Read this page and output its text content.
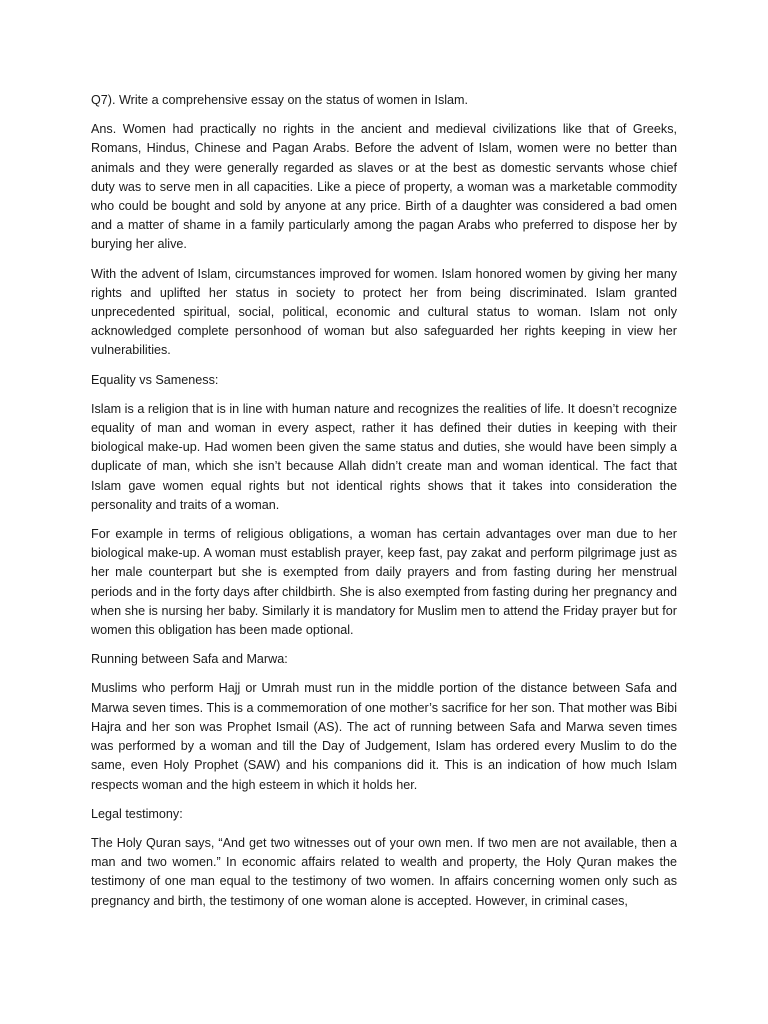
Q7). Write a comprehensive essay on the status of women in Islam.

Ans. Women had practically no rights in the ancient and medieval civilizations like that of Greeks, Romans, Hindus, Chinese and Pagan Arabs. Before the advent of Islam, women were no better than animals and they were generally regarded as slaves or at the best as domestic servants whose chief duty was to serve men in all capacities. Like a piece of property, a woman was a marketable commodity who could be bought and sold by anyone at any price. Birth of a daughter was considered a bad omen and a matter of shame in a family particularly among the pagan Arabs who preferred to dispose her by burying her alive.

With the advent of Islam, circumstances improved for women. Islam honored women by giving her many rights and uplifted her status in society to protect her from being discriminated. Islam granted unprecedented spiritual, social, political, economic and cultural status to woman. Islam not only acknowledged complete personhood of woman but also safeguarded her rights keeping in view her vulnerabilities.

Equality vs Sameness:

Islam is a religion that is in line with human nature and recognizes the realities of life. It doesn’t recognize equality of man and woman in every aspect, rather it has defined their duties in keeping with their biological make-up. Had women been given the same status and duties, she would have been simply a duplicate of man, which she isn’t because Allah didn’t create man and woman identical. The fact that Islam gave women equal rights but not identical rights shows that it takes into consideration the personality and traits of a woman.

For example in terms of religious obligations, a woman has certain advantages over man due to her biological make-up. A woman must establish prayer, keep fast, pay zakat and perform pilgrimage just as her male counterpart but she is exempted from daily prayers and from fasting during her menstrual periods and in the forty days after childbirth. She is also exempted from fasting during her pregnancy and when she is nursing her baby. Similarly it is mandatory for Muslim men to attend the Friday prayer but for women this obligation has been made optional.

Running between Safa and Marwa:

Muslims who perform Hajj or Umrah must run in the middle portion of the distance between Safa and Marwa seven times. This is a commemoration of one mother’s sacrifice for her son. That mother was Bibi Hajra and her son was Prophet Ismail (AS). The act of running between Safa and Marwa seven times was performed by a woman and till the Day of Judgement, Islam has ordered every Muslim to do the same, even Holy Prophet (SAW) and his companions did it. This is an indication of how much Islam respects woman and the high esteem in which it holds her.

Legal testimony:

The Holy Quran says, “And get two witnesses out of your own men. If two men are not available, then a man and two women.” In economic affairs related to wealth and property, the Holy Quran makes the testimony of one man equal to the testimony of two women. In affairs concerning women only such as pregnancy and birth, the testimony of one woman alone is accepted. However, in criminal cases,
